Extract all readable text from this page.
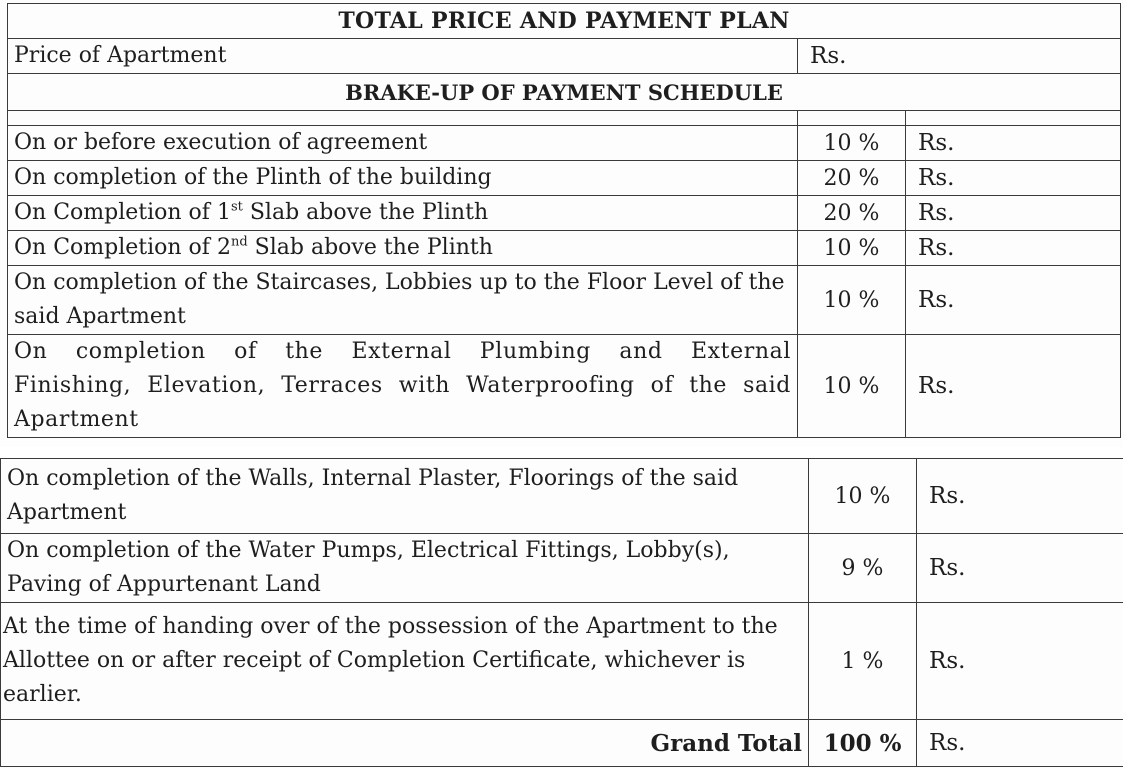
TOTAL PRICE AND PAYMENT PLAN		
Price of Apartment	Rs.	
BRAKE-UP OF PAYMENT SCHEDULE		

On or before execution of agreement	10 %	Rs.
On completion of the Plinth of the building	20 %	Rs.
On Completion of 1st Slab above the Plinth	20 %	Rs.
On Completion of 2nd Slab above the Plinth	10 %	Rs.
On completion of the Staircases, Lobbies up to the Floor Level of the said Apartment	10 %	Rs.
On completion of the External Plumbing and External Finishing, Elevation, Terraces with Waterproofing of the said Apartment	10 %	Rs.
On completion of the Walls, Internal Plaster, Floorings of the said Apartment	10 %	Rs.
On completion of the Water Pumps, Electrical Fittings, Lobby(s), Paving of Appurtenant Land	9 %	Rs.
At the time of handing over of the possession of the Apartment to the Allottee on or after receipt of Completion Certificate, whichever is earlier.	1 %	Rs.
Grand Total	100 %	Rs.
